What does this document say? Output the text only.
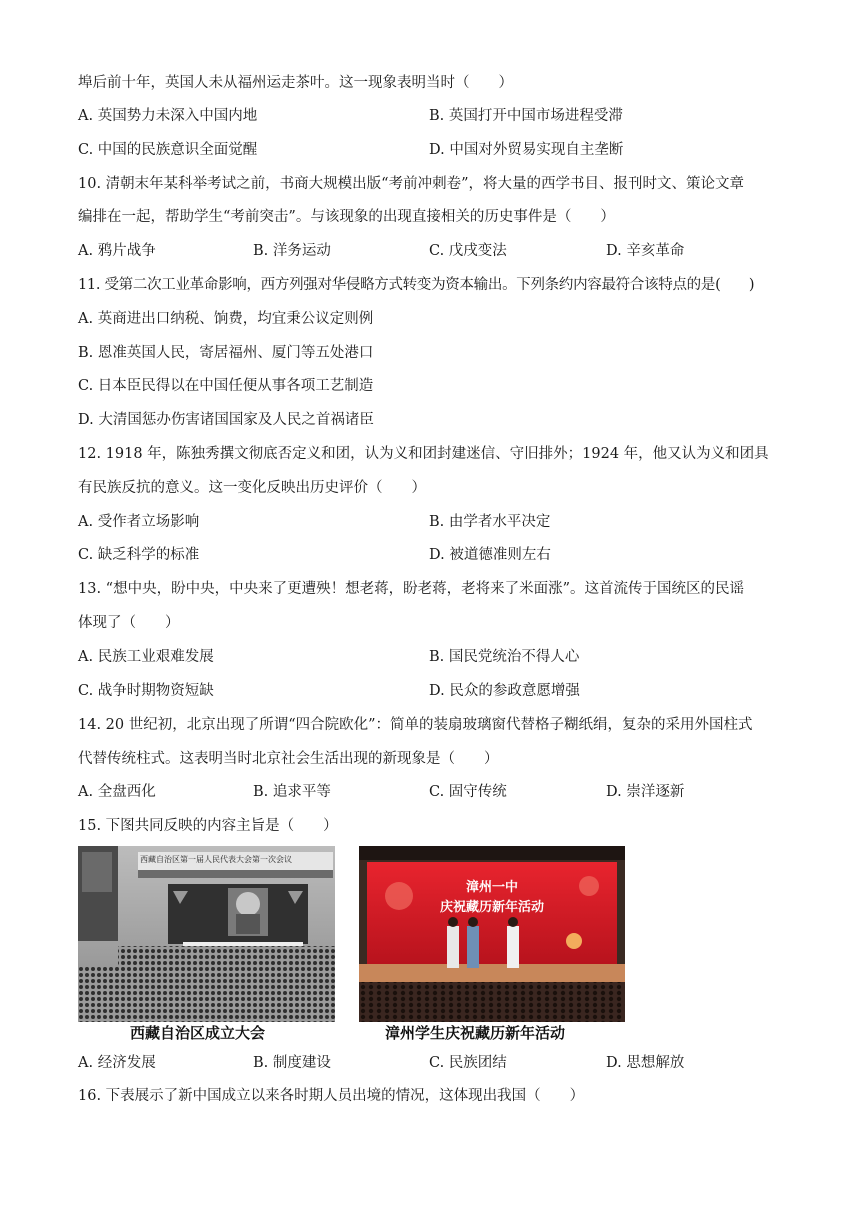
埠后前十年，英国人未从福州运走茶叶。这一现象表明当时（　　）
A. 英国势力未深入中国内地	B. 英国打开中国市场进程受滞
C. 中国的民族意识全面觉醒	D. 中国对外贸易实现自主垄断
10. 清朝末年某科举考试之前，书商大规模出版“考前冲刺卷”，将大量的西学书目、报刊时文、策论文章
编排在一起，帮助学生“考前突击”。与该现象的出现直接相关的历史事件是（　　）
A. 鸦片战争	B. 洋务运动	C. 戊戌变法	D. 辛亥革命
11. 受第二次工业革命影响，西方列强对华侵略方式转变为资本输出。下列条约内容最符合该特点的是(　　)
A. 英商进出口纳税、饷费，均宜秉公议定则例
B. 恩准英国人民，寄居福州、厦门等五处港口
C. 日本臣民得以在中国任便从事各项工艺制造
D. 大清国惩办伤害诸国国家及人民之首祸诸臣
12. 1918 年，陈独秀撰文彻底否定义和团，认为义和团封建迷信、守旧排外；1924 年，他又认为义和团具
有民族反抗的意义。这一变化反映出历史评价（　　）
A. 受作者立场影响	B. 由学者水平决定
C. 缺乏科学的标准	D. 被道德准则左右
13. “想中央，盼中央，中央来了更遭殃！想老蒋，盼老蒋，老将来了米面涨”。这首流传于国统区的民谣
体现了（　　）
A. 民族工业艰难发展	B. 国民党统治不得人心
C. 战争时期物资短缺	D. 民众的参政意愿增强
14. 20 世纪初，北京出现了所谓“四合院欧化”：简单的装扇玻璃窗代替格子糊纸绢，复杂的采用外国柱式
代替传统柱式。这表明当时北京社会生活出现的新现象是（　　）
A. 全盘西化	B. 追求平等	C. 固守传统	D. 崇洋逐新
15. 下图共同反映的内容主旨是（　　）
西藏自治区第一届人民代表大会第一次会议
西藏自治区成立大会
漳州一中
庆祝藏历新年活动
漳州学生庆祝藏历新年活动
A. 经济发展	B. 制度建设	C. 民族团结	D. 思想解放
16. 下表展示了新中国成立以来各时期人员出境的情况，这体现出我国（　　）
